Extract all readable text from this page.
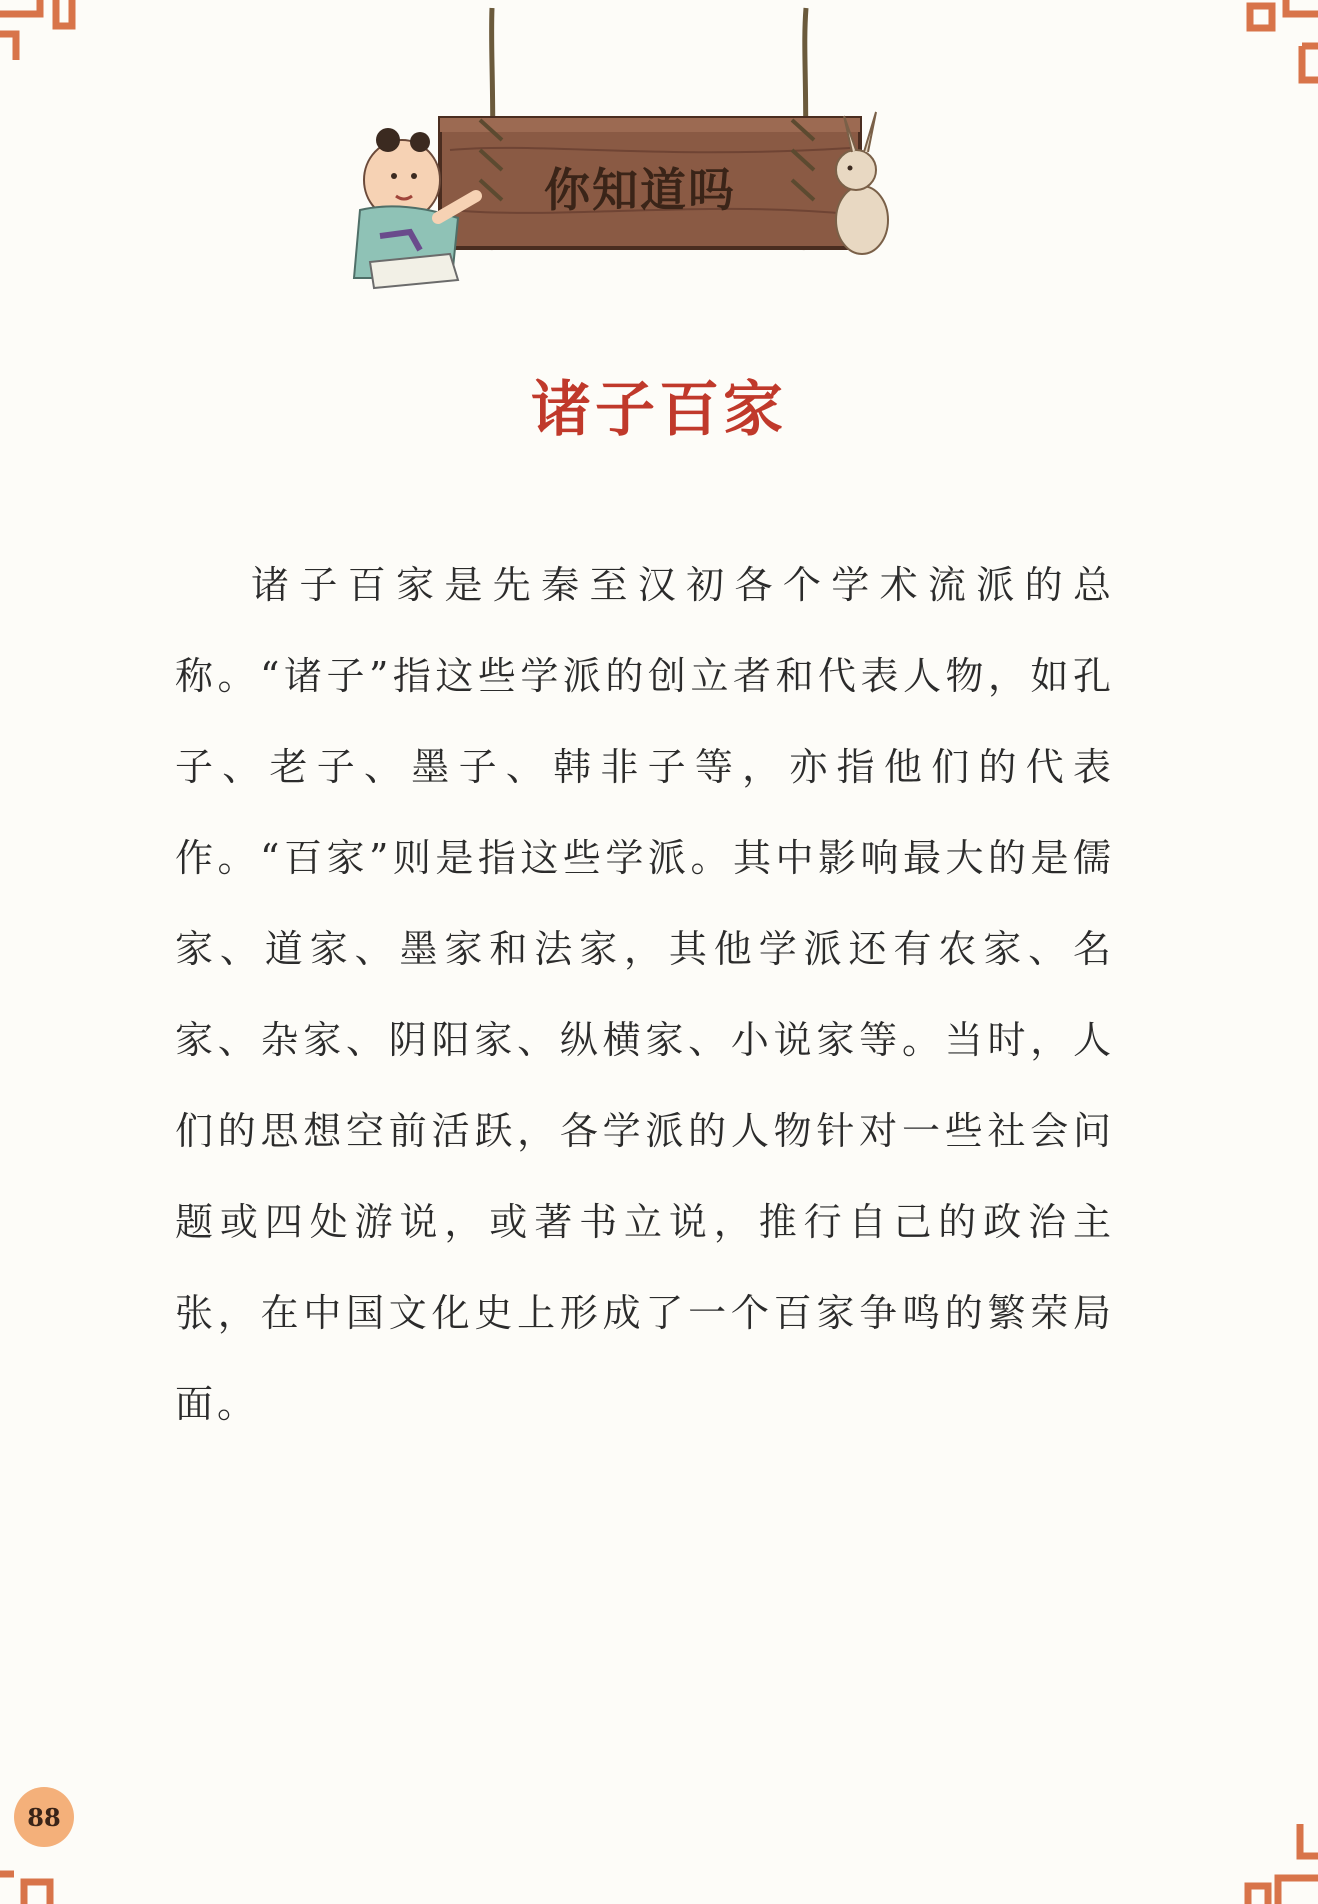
你知道吗
诸子百家

诸子百家是先秦至汉初各个学术流派的总称。“诸子”指这些学派的创立者和代表人物，如孔子、老子、墨子、韩非子等，亦指他们的代表作。“百家”则是指这些学派。其中影响最大的是儒家、道家、墨家和法家，其他学派还有农家、名家、杂家、阴阳家、纵横家、小说家等。当时，人们的思想空前活跃，各学派的人物针对一些社会问题或四处游说，或著书立说，推行自己的政治主张，在中国文化史上形成了一个百家争鸣的繁荣局面。

88
